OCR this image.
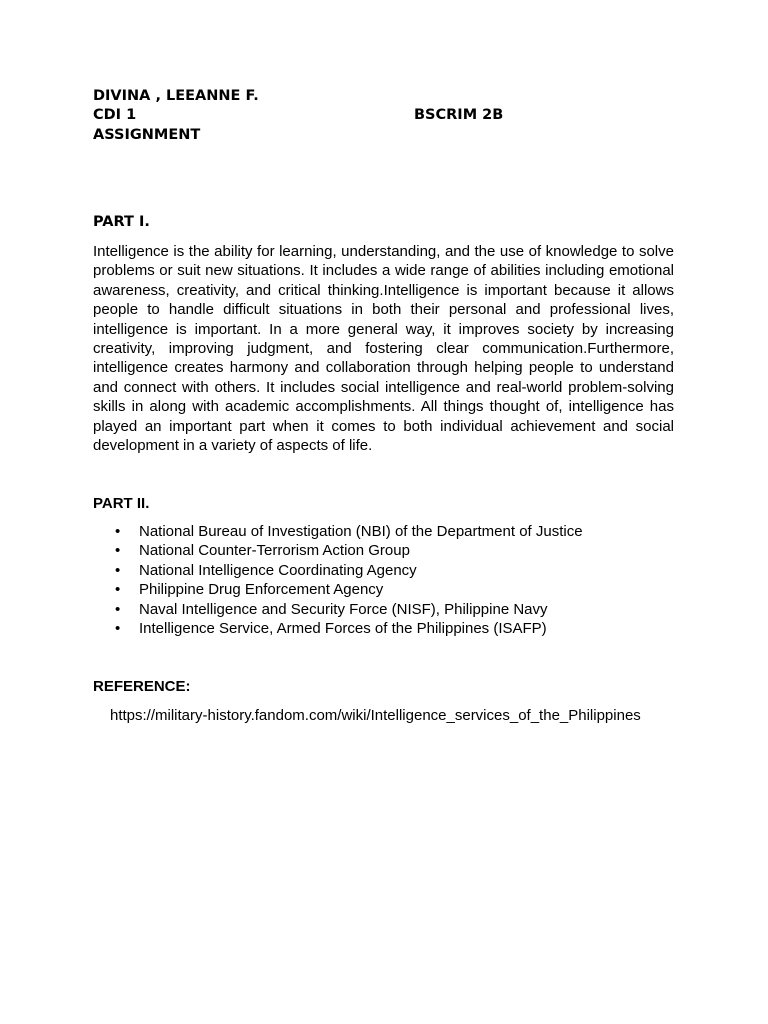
DIVINA , LEEANNE F.
CDI 1	BSCRIM 2B
ASSIGNMENT
PART I.

Intelligence is the ability for learning, understanding, and the use of knowledge to solve problems or suit new situations. It includes a wide range of abilities including emotional awareness, creativity, and critical thinking.Intelligence is important because it allows people to handle difficult situations in both their personal and professional lives, intelligence is important. In a more general way, it improves society by increasing creativity, improving judgment, and fostering clear communication.Furthermore, intelligence creates harmony and collaboration through helping people to understand and connect with others. It includes social intelligence and real-world problem-solving skills in along with academic accomplishments. All things thought of, intelligence has played an important part when it comes to both individual achievement and social development in a variety of aspects of life.

PART II.
• National Bureau of Investigation (NBI) of the Department of Justice
• National Counter-Terrorism Action Group
• National Intelligence Coordinating Agency
• Philippine Drug Enforcement Agency
• Naval Intelligence and Security Force (NISF), Philippine Navy
• Intelligence Service, Armed Forces of the Philippines (ISAFP)
REFERENCE:
https://military-history.fandom.com/wiki/Intelligence_services_of_the_Philippines
